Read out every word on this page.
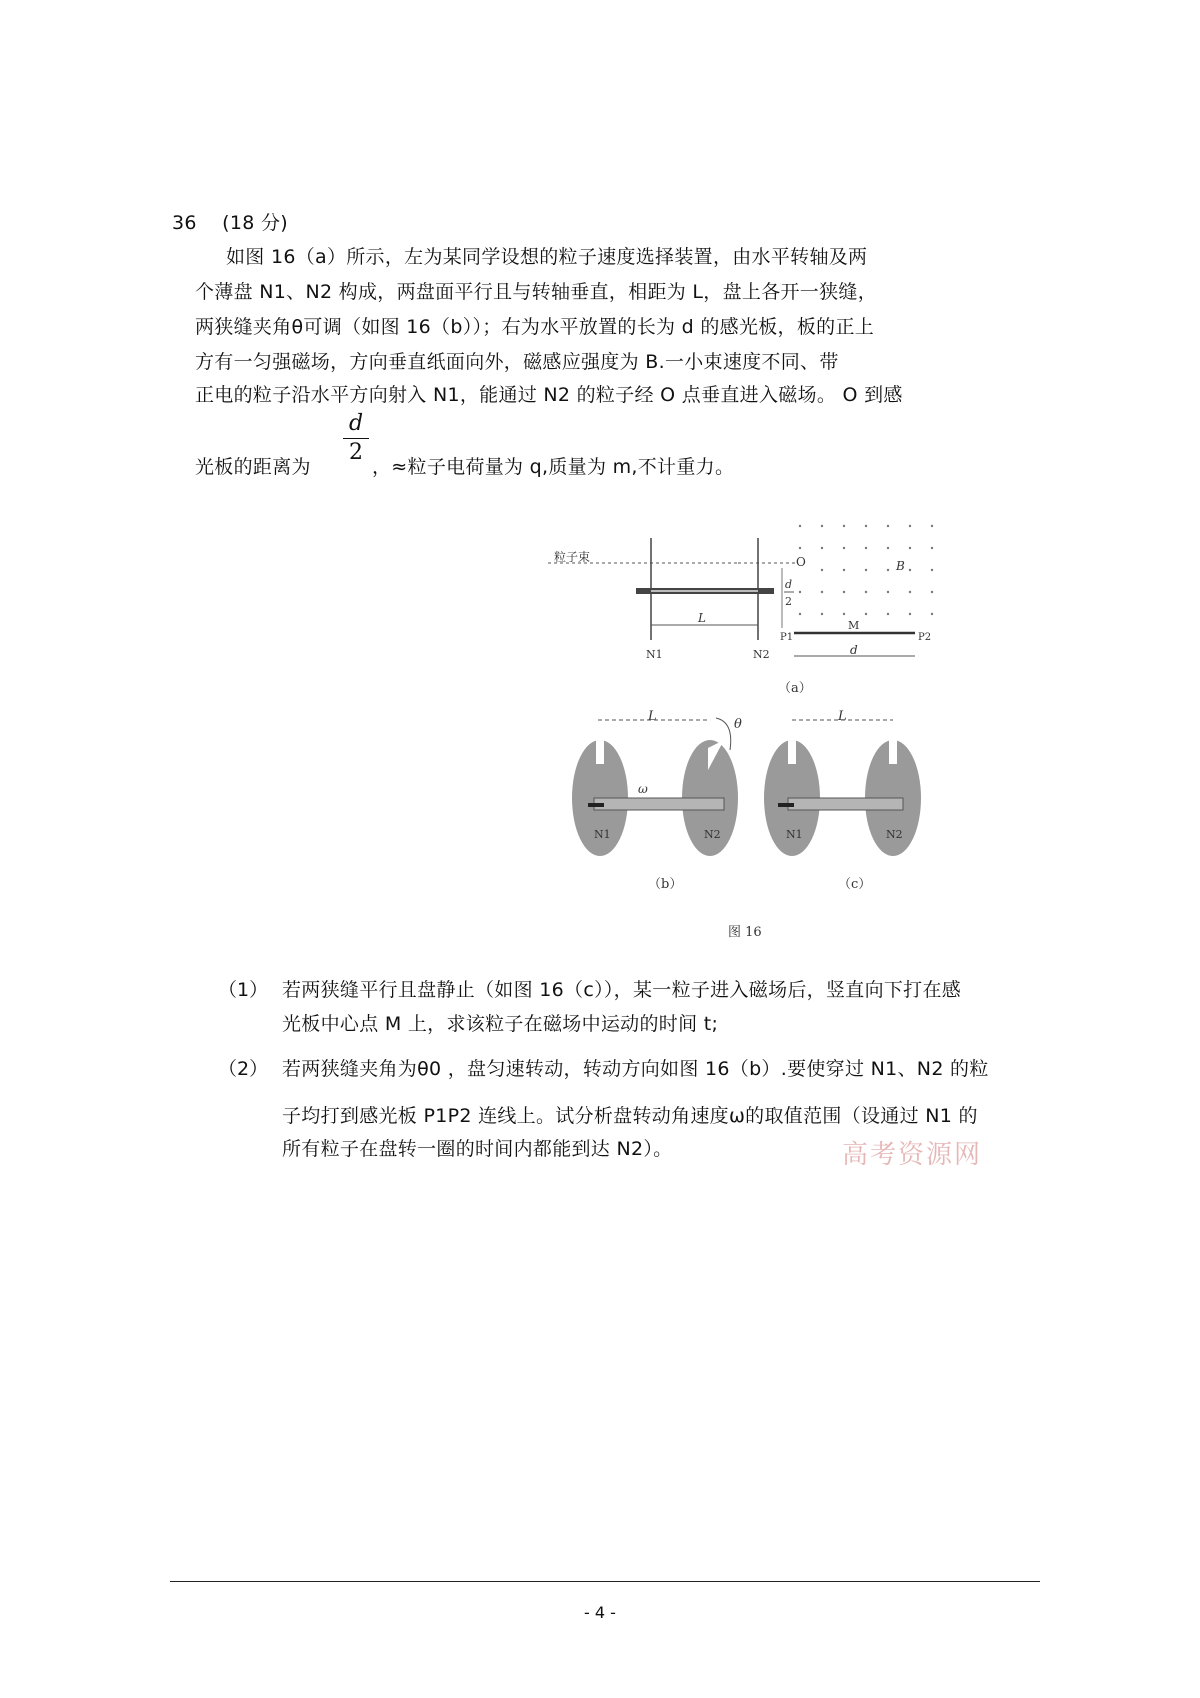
36 (18 分)
如图 16（a）所示，左为某同学设想的粒子速度选择装置，由水平转轴及两
个薄盘 N1、N2 构成，两盘面平行且与转轴垂直，相距为 L，盘上各开一狭缝，
两狭缝夹角θ可调（如图 16（b））；右为水平放置的长为 d 的感光板，板的正上
方有一匀强磁场，方向垂直纸面向外，磁感应强度为 B.一小束速度不同、带
正电的粒子沿水平方向射入 N1，能通过 N2 的粒子经 O 点垂直进入磁场。 O 到感
光板的距离为
d
2
，≈粒子电荷量为 q,质量为 m,不计重力。
粒子束
N1	N2
L
O	B
d
2
P1
M
P2
d
（a）
L
θ
ω
N1	N2
（b）
L
N1	N2
（c）
图 16
（1） 若两狭缝平行且盘静止（如图 16（c）），某一粒子进入磁场后，竖直向下打在感
光板中心点 M 上，求该粒子在磁场中运动的时间 t;
（2） 若两狭缝夹角为θ0 ，盘匀速转动，转动方向如图 16（b）.要使穿过 N1、N2 的粒
子均打到感光板 P1P2 连线上。试分析盘转动角速度ω的取值范围（设通过 N1 的
所有粒子在盘转一圈的时间内都能到达 N2）。	高考资源网
- 4 -
